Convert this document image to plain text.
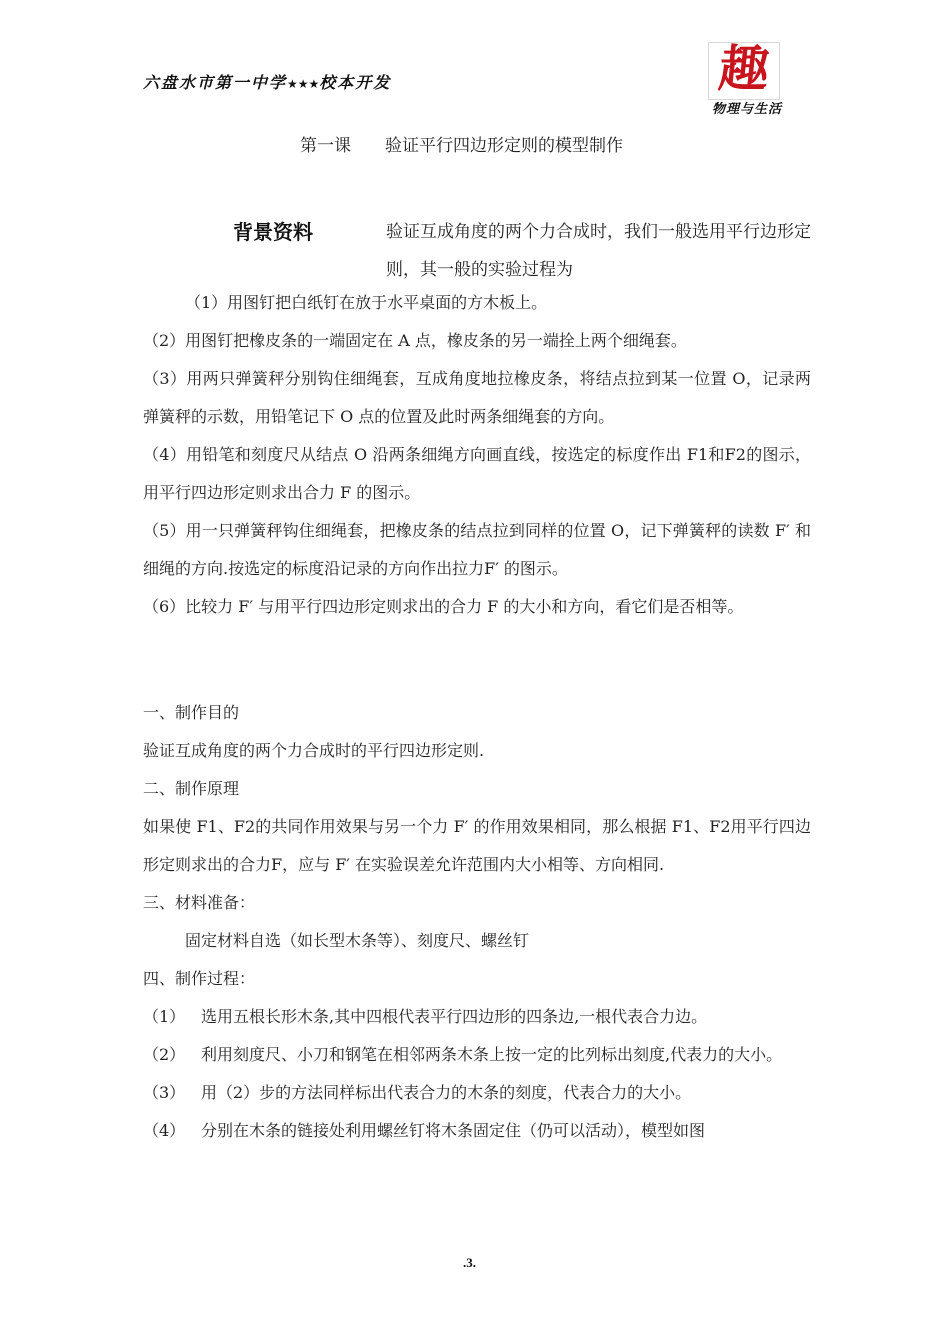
六盘水市第一中学★★★校本开发	趣
物理与生活
第一课 验证平行四边形定则的模型制作
背景资料	验证互成角度的两个力合成时，我们一般选用平行边形定则，其一般的实验过程为
（1）用图钉把白纸钉在放于水平桌面的方木板上。
（2）用图钉把橡皮条的一端固定在 A 点，橡皮条的另一端拴上两个细绳套。
（3）用两只弹簧秤分别钩住细绳套，互成角度地拉橡皮条，将结点拉到某一位置 O，记录两弹簧秤的示数，用铅笔记下 O 点的位置及此时两条细绳套的方向。
（4）用铅笔和刻度尺从结点 O 沿两条细绳方向画直线，按选定的标度作出 F1和F2的图示，用平行四边形定则求出合力 F 的图示。
（5）用一只弹簧秤钩住细绳套，把橡皮条的结点拉到同样的位置 O，记下弹簧秤的读数 F′ 和细绳的方向.按选定的标度沿记录的方向作出拉力F′ 的图示。
（6）比较力 F′ 与用平行四边形定则求出的合力 F 的大小和方向，看它们是否相等。
一、制作目的
验证互成角度的两个力合成时的平行四边形定则.
二、制作原理
如果使 F1、F2的共同作用效果与另一个力 F′ 的作用效果相同，那么根据 F1、F2用平行四边形定则求出的合力F，应与 F′ 在实验误差允许范围内大小相等、方向相同.
三、材料准备：
固定材料自选（如长型木条等）、刻度尺、螺丝钉
四、制作过程：
（1） 选用五根长形木条,其中四根代表平行四边形的四条边,一根代表合力边。
（2） 利用刻度尺、小刀和钢笔在相邻两条木条上按一定的比列标出刻度,代表力的大小。
（3） 用（2）步的方法同样标出代表合力的木条的刻度，代表合力的大小。
（4） 分别在木条的链接处利用螺丝钉将木条固定住（仍可以活动），模型如图
.3.
